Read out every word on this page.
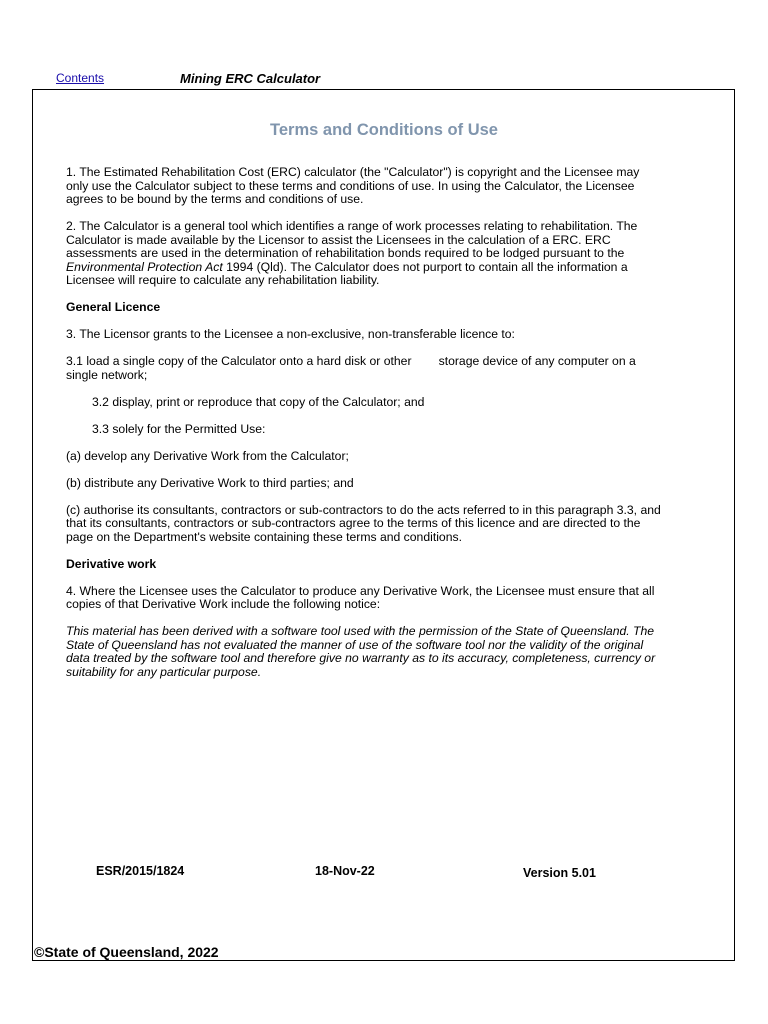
Contents	Mining ERC Calculator
Terms and Conditions of Use

1. The Estimated Rehabilitation Cost (ERC) calculator (the "Calculator") is copyright and the Licensee may only use the Calculator subject to these terms and conditions of use. In using the Calculator, the Licensee agrees to be bound by the terms and conditions of use.

2. The Calculator is a general tool which identifies a range of work processes relating to rehabilitation. The Calculator is made available by the Licensor to assist the Licensees in the calculation of a ERC. ERC assessments are used in the determination of rehabilitation bonds required to be lodged pursuant to the Environmental Protection Act 1994 (Qld). The Calculator does not purport to contain all the information a Licensee will require to calculate any rehabilitation liability.

General Licence

3. The Licensor grants to the Licensee a non-exclusive, non-transferable licence to:

3.1 load a single copy of the Calculator onto a hard disk or other        storage device of any computer on a single network;

3.2 display, print or reproduce that copy of the Calculator; and

3.3 solely for the Permitted Use:

(a) develop any Derivative Work from the Calculator;

(b) distribute any Derivative Work to third parties; and

(c) authorise its consultants, contractors or sub-contractors to do the acts referred to in this paragraph 3.3, and that its consultants, contractors or sub-contractors agree to the terms of this licence and are directed to the page on the Department's website containing these terms and conditions.

Derivative work

4. Where the Licensee uses the Calculator to produce any Derivative Work, the Licensee must ensure that all copies of that Derivative Work include the following notice:

This material has been derived with a software tool used with the permission of the State of Queensland. The State of Queensland has not evaluated the manner of use of the software tool nor the validity of the original data treated by the software tool and therefore give no warranty as to its accuracy, completeness, currency or suitability for any particular purpose.

ESR/2015/1824	18-Nov-22	Version 5.01
©State of Queensland, 2022
